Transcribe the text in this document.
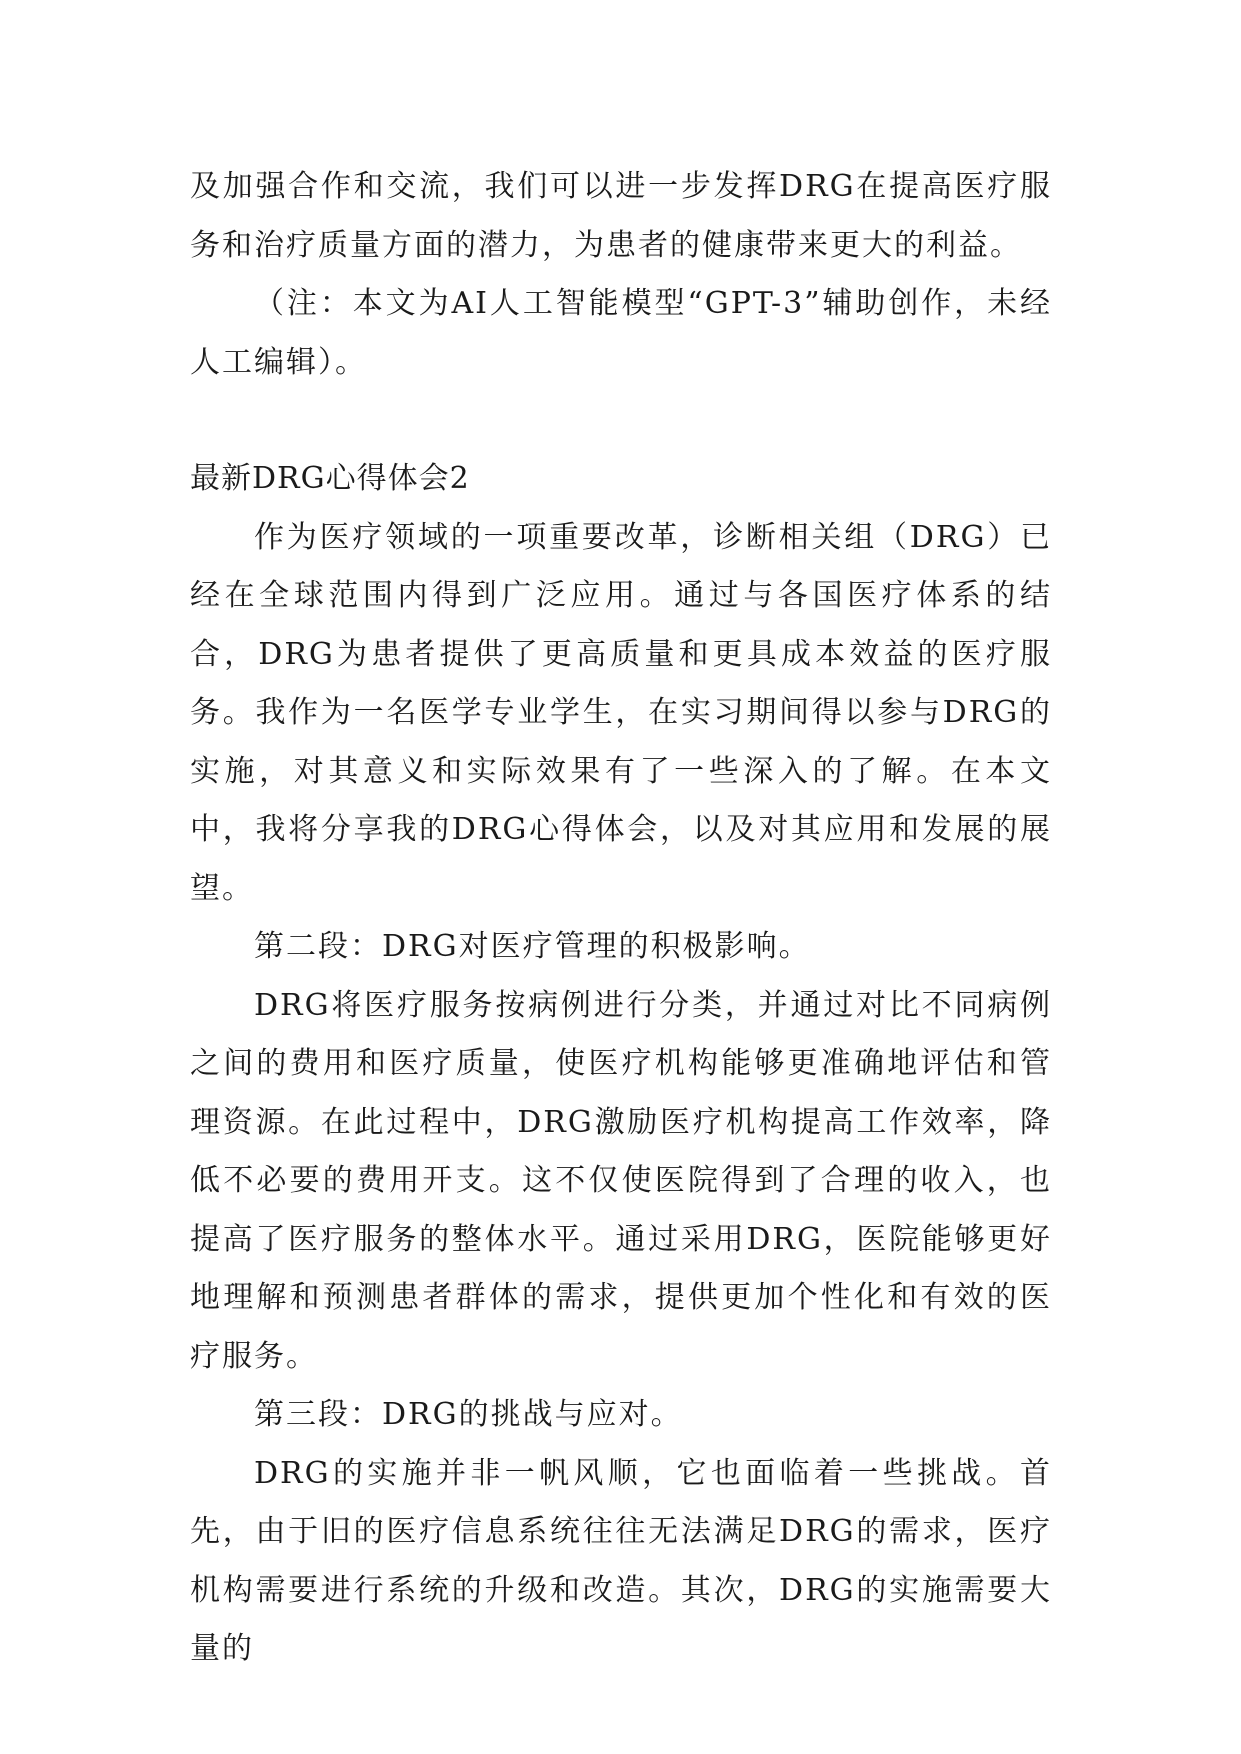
及加强合作和交流，我们可以进一步发挥DRG在提高医疗服务和治疗质量方面的潜力，为患者的健康带来更大的利益。

（注：本文为AI人工智能模型“GPT-3”辅助创作，未经人工编辑）。

最新DRG心得体会2

作为医疗领域的一项重要改革，诊断相关组（DRG）已经在全球范围内得到广泛应用。通过与各国医疗体系的结合，DRG为患者提供了更高质量和更具成本效益的医疗服务。我作为一名医学专业学生，在实习期间得以参与DRG的实施，对其意义和实际效果有了一些深入的了解。在本文中，我将分享我的DRG心得体会，以及对其应用和发展的展望。

第二段：DRG对医疗管理的积极影响。

DRG将医疗服务按病例进行分类，并通过对比不同病例之间的费用和医疗质量，使医疗机构能够更准确地评估和管理资源。在此过程中，DRG激励医疗机构提高工作效率，降低不必要的费用开支。这不仅使医院得到了合理的收入，也提高了医疗服务的整体水平。通过采用DRG，医院能够更好地理解和预测患者群体的需求，提供更加个性化和有效的医疗服务。

第三段：DRG的挑战与应对。

DRG的实施并非一帆风顺，它也面临着一些挑战。首先，由于旧的医疗信息系统往往无法满足DRG的需求，医疗机构需要进行系统的升级和改造。其次，DRG的实施需要大量的
